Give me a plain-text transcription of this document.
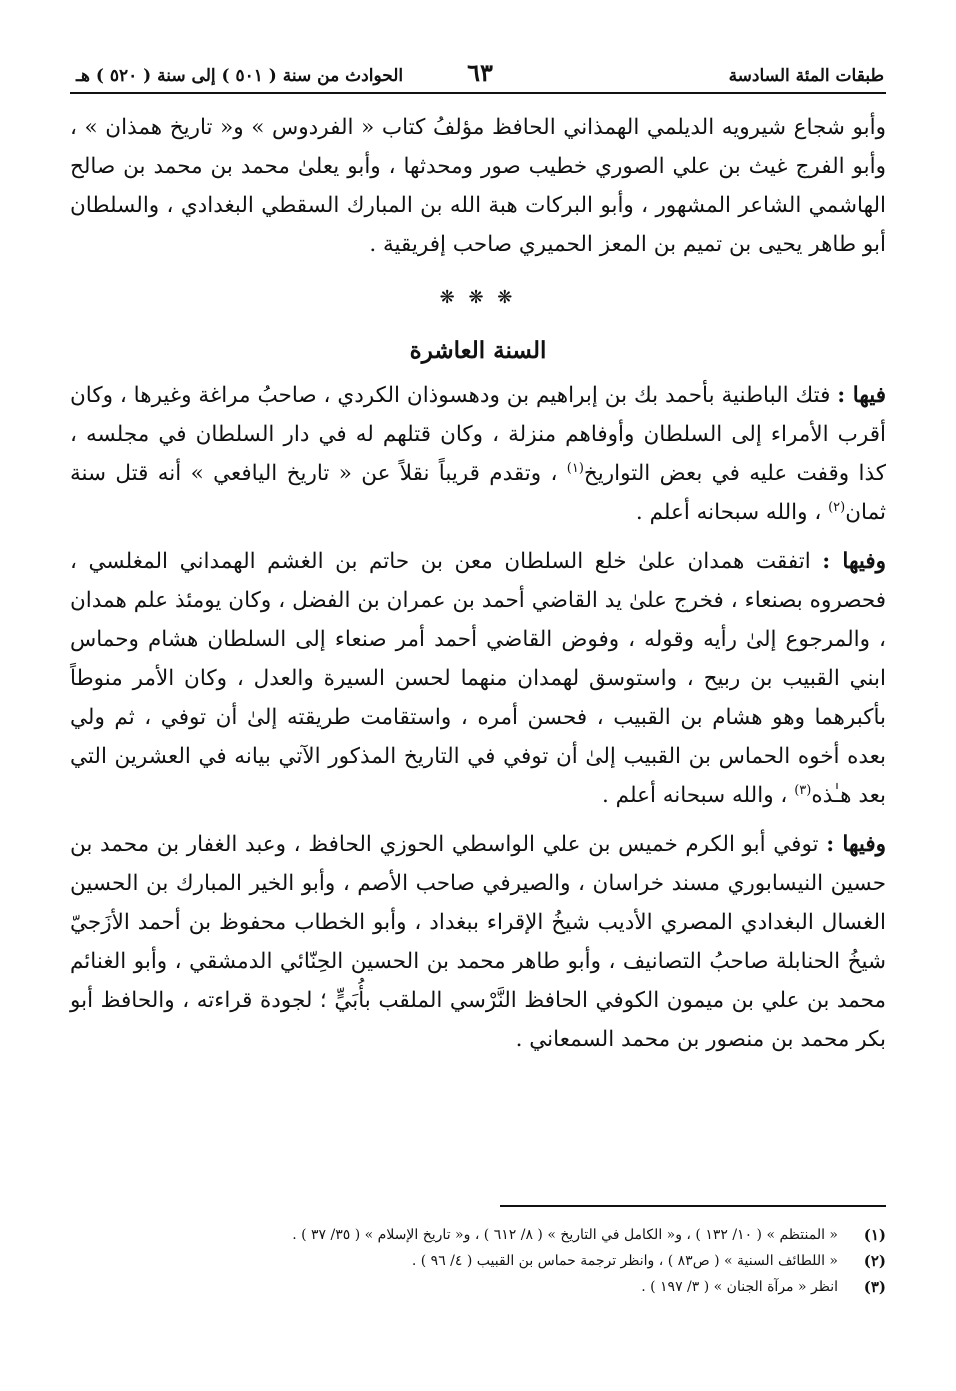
طبقات المئة السادسة
٦٣
الحوادث من سنة ( ٥٠١ ) إلى سنة ( ٥٢٠ ) هـ

وأبو شجاع شيرويه الديلمي الهمذاني الحافظ مؤلفُ كتاب « الفردوس » و« تاريخ همذان » ، وأبو الفرج غيث بن علي الصوري خطيب صور ومحدثها ، وأبو يعلىٰ محمد بن محمد بن صالح الهاشمي الشاعر المشهور ، وأبو البركات هبة الله بن المبارك السقطي البغدادي ، والسلطان أبو طاهر يحيى بن تميم بن المعز الحميري صاحب إفريقية .

❋ ❋ ❋
السنة العاشرة

فيها : فتك الباطنية بأحمد بك بن إبراهيم بن ودهسوذان الكردي ، صاحبُ مراغة وغيرها ، وكان أقرب الأمراء إلى السلطان وأوفاهم منزلة ، وكان قتلهم له في دار السلطان في مجلسه ، كذا وقفت عليه في بعض التواريخ$^{(١)}$ ، وتقدم قريباً نقلاً عن « تاريخ اليافعي » أنه قتل سنة ثمان$^{(٢)}$ ، والله سبحانه أعلم .

وفيها : اتفقت همدان علىٰ خلع السلطان معن بن حاتم بن الغشم الهمداني المغلسي ، فحصروه بصنعاء ، فخرج علىٰ يد القاضي أحمد بن عمران بن الفضل ، وكان يومئذ علم همدان ، والمرجوع إلىٰ رأيه وقوله ، وفوض القاضي أحمد أمر صنعاء إلى السلطان هشام وحماس ابني القبيب بن ربيح ، واستوسق لهمدان منهما لحسن السيرة والعدل ، وكان الأمر منوطاً بأكبرهما وهو هشام بن القبيب ، فحسن أمره ، واستقامت طريقته إلىٰ أن توفي ، ثم ولي بعده أخوه الحماس بن القبيب إلىٰ أن توفي في التاريخ المذكور الآتي بيانه في العشرين التي بعد هـٰذه$^{(٣)}$ ، والله سبحانه أعلم .

وفيها : توفي أبو الكرم خميس بن علي الواسطي الحوزي الحافظ ، وعبد الغفار بن محمد بن حسين النيسابوري مسند خراسان ، والصيرفي صاحب الأصم ، وأبو الخير المبارك بن الحسين الغسال البغدادي المصري الأديب شيخُ الإقراء ببغداد ، وأبو الخطاب محفوظ بن أحمد الأزَجيّ شيخُ الحنابلة صاحبُ التصانيف ، وأبو طاهر محمد بن الحسين الحِنّائي الدمشقي ، وأبو الغنائم محمد بن علي بن ميمون الكوفي الحافظ النَّرْسي الملقب بأُبَيٍّ ؛ لجودة قراءته ، والحافظ أبو بكر محمد بن منصور بن محمد السمعاني .

(١)
« المنتظم » ( ١٠/ ١٣٢ ) ، و« الكامل في التاريخ » ( ٨/ ٦١٢ ) ، و« تاريخ الإسلام » ( ٣٥/ ٣٧ ) .
(٢)
« اللطائف السنية » ( ص٨٣ ) ، وانظر ترجمة حماس بن القبيب ( ٤/ ٩٦ ) .
(٣)
انظر « مرآة الجنان » ( ٣/ ١٩٧ ) .
